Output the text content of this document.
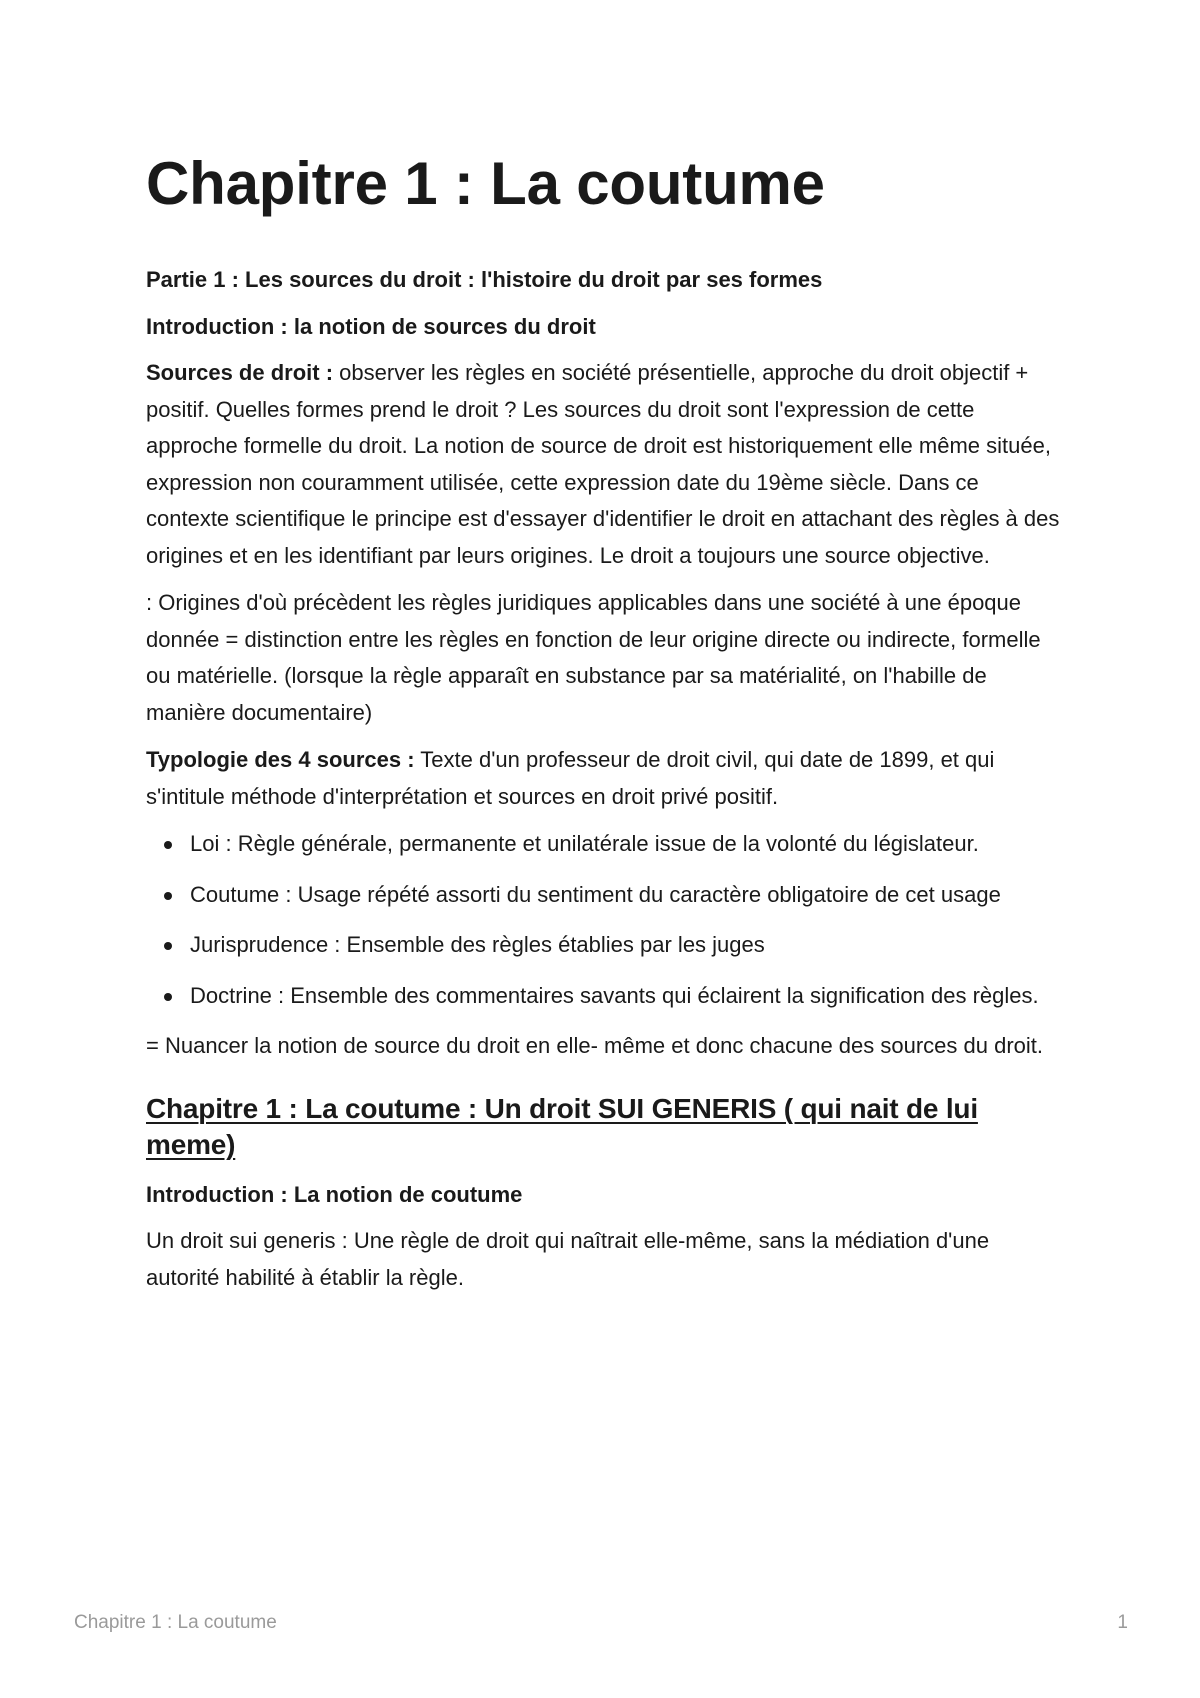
Chapitre 1 : La coutume

Partie 1 : Les sources du droit : l'histoire du droit par ses formes

Introduction : la notion de sources du droit

Sources de droit : observer les règles en société présentielle, approche du droit objectif + positif. Quelles formes prend le droit ? Les sources du droit sont l'expression de cette approche formelle du droit. La notion de source de droit est historiquement elle même située, expression non couramment utilisée, cette expression date du 19ème siècle. Dans ce contexte scientifique le principe est d'essayer d'identifier le droit en attachant des règles à des origines et en les identifiant par leurs origines. Le droit a toujours une source objective.

: Origines d'où précèdent les règles juridiques applicables dans une société à une époque donnée = distinction entre les règles en fonction de leur origine directe ou indirecte, formelle ou matérielle. (lorsque la règle apparaît en substance par sa matérialité, on l'habille de manière documentaire)

Typologie des 4 sources : Texte d'un professeur de droit civil, qui date de 1899, et qui s'intitule méthode d'interprétation et sources en droit privé positif.

Loi : Règle générale, permanente et unilatérale issue de la volonté du législateur.
Coutume : Usage répété assorti du sentiment du caractère obligatoire de cet usage
Jurisprudence : Ensemble des règles établies par les juges
Doctrine : Ensemble des commentaires savants qui éclairent la signification des règles.

= Nuancer la notion de source du droit en elle- même et donc chacune des sources du droit.

Chapitre 1 : La coutume : Un droit SUI GENERIS ( qui nait de lui meme)

Introduction : La notion de coutume

Un droit sui generis : Une règle de droit qui naîtrait elle-même, sans la médiation d'une autorité habilité à établir la règle.

Chapitre 1 : La coutume	1
